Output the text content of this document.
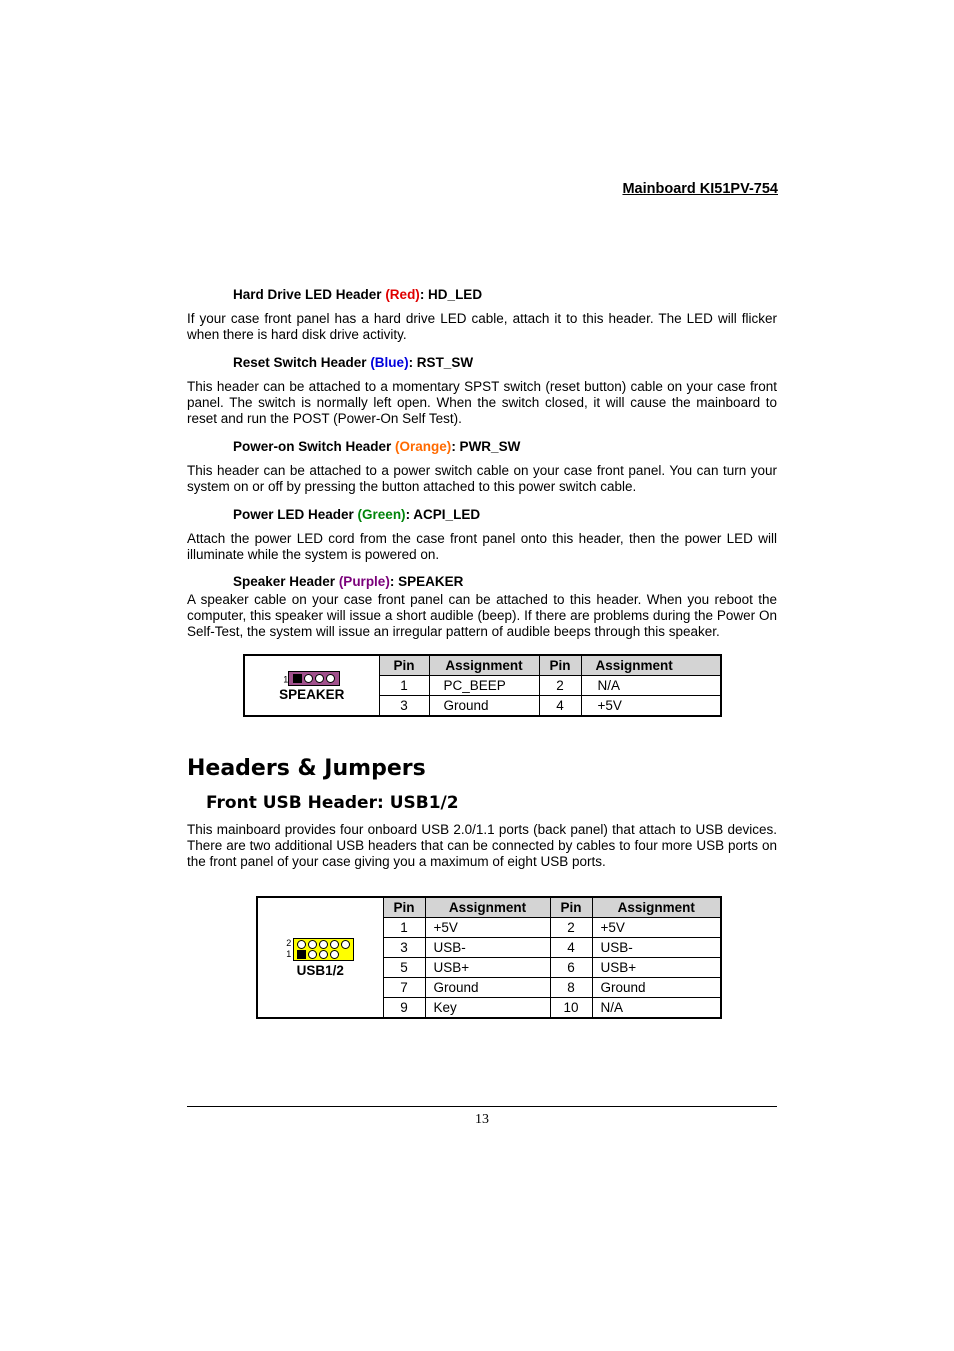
Mainboard KI51PV-754
Hard Drive LED Header (Red): HD_LED
If your case front panel has a hard drive LED cable, attach it to this header. The LED will flicker when there is hard disk drive activity.
Reset Switch Header (Blue): RST_SW
This header can be attached to a momentary SPST switch (reset button) cable on your case front panel. The switch is normally left open. When the switch closed, it will cause the mainboard to reset and run the POST (Power-On Self Test).
Power-on Switch Header (Orange): PWR_SW
This header can be attached to a power switch cable on your case front panel. You can turn your system on or off by pressing the button attached to this power switch cable.
Power LED Header (Green): ACPI_LED
Attach the power LED cord from the case front panel onto this header, then the power LED will illuminate while the system is powered on.
Speaker Header (Purple): SPEAKER
A speaker cable on your case front panel can be attached to this header. When you reboot the computer, this speaker will issue a short audible (beep). If there are problems during the Power On Self-Test, the system will issue an irregular pattern of audible beeps through this speaker.
1
SPEAKER	Pin	Assignment	Pin	Assignment
	1	PC_BEEP	2	N/A
	3	Ground	4	+5V
Headers & Jumpers
Front USB Header: USB1/2
This mainboard provides four onboard USB 2.0/1.1 ports (back panel) that attach to USB devices. There are two additional USB headers that can be connected by cables to four more USB ports on the front panel of your case giving you a maximum of eight USB ports.
2
1
USB1/2	Pin	Assignment	Pin	Assignment
	1	+5V	2	+5V
	3	USB-	4	USB-
	5	USB+	6	USB+
	7	Ground	8	Ground
	9	Key	10	N/A
13
